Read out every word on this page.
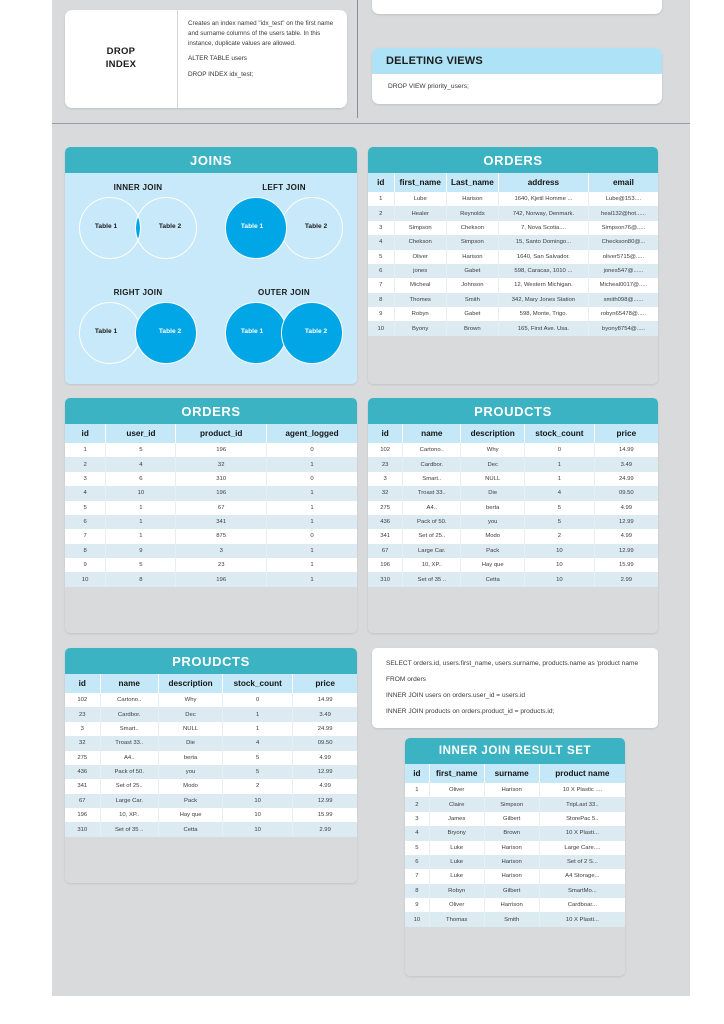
DROP
INDEX
Creates an index named "idx_test" on the first name and surname columns of the users table. In this instance, duplicate values are allowed.
ALTER TABLE users
DROP INDEX idx_test;
DELETING VIEWS
DROP VIEW priority_users;
JOINS
INNER JOIN
Table 1	Table 2
LEFT JOIN
Table 1	Table 2
RIGHT JOIN
Table 1	Table 2
OUTER JOIN
Table 1	Table 2
ORDERS
id	first_name	Last_name	address	email
1	Lube	Harison	1640, Kjetil Homme ...	Lube@153....
2	Healer	Reynolds	742, Norway, Denmark.	heal132@hot......
3	Simpson	Chekson	7, Nova Scotia....	Simpson76@.....
4	Chekson	Simpson	15, Santo Domingo...	Checkson80@...
5	Oliver	Harison	1640, San Salvador.	oliver5715@.....
6	jones	Gabet	598, Caracas, 1010 ...	jones547@......
7	Micheal	Johnson	12, Western Michigan.	Micheal0017@.....
8	Thomes	Smith	342, Mary Jones Station	smith098@......
9	Robyn	Gabet	598, Monte, Trigo.	robyn65478@.....
10	Byony	Brown	165, First Ave. Usa.	byony8754@.....
ORDERS
id	user_id	product_id	agent_logged
1	5	196	0
2	4	32	1
3	6	310	0
4	10	196	1
5	1	67	1
6	1	341	1
7	1	875	0
8	9	3	1
9	5	23	1
10	8	196	1
PROUDCTS
id	name	description	stock_count	price
102	Cartono..	Why	0	14.99
23	Cardbor.	Dec	1	3.49
3	Smart..	NULL	1	24.99
32	Troast 33..	Die	4	09.50
275	A4..	berta	5	4.99
436	Pack of 50.	you	5	12.99
341	Set of 25..	Modo	2	4.99
67	Large Car.	Pack	10	12.99
196	10, XP..	Hay que	10	15.99
310	Set of 35 ..	Cetta	10	2.99
PROUDCTS
id	name	description	stock_count	price
102	Cartono..	Why	0	14.99
23	Cardbor.	Dec	1	3.49
3	Smart..	NULL	1	24.99
32	Troast 33..	Die	4	09.50
275	A4..	berta	5	4.99
436	Pack of 50.	you	5	12.99
341	Set of 25..	Modo	2	4.99
67	Large Car.	Pack	10	12.99
196	10, XP..	Hay que	10	15.99
310	Set of 35 ..	Cetta	10	2.99
SELECT orders.id, users.first_name, users.surname, products.name as 'product name
FROM orders
INNER JOIN users on orders.user_id = users.id
INNER JOIN products on orders.product_id = products.id;
INNER JOIN RESULT SET
id	first_name	surname	product name
1	Oliver	Harison	10 X Plastic ....
2	Claire	Simpson	TripLast 33..
3	James	Gilbert	StorePac 5..
4	Bryony	Brown	10 X Plasti...
5	Luke	Harison	Large Care....
6	Luke	Harison	Set of 2 S...
7	Luke	Harison	A4 Storage...
8	Robyn	Gilbert	SmartMo...
9	Oliver	Harrison	Cardboar...
10	Thomas	Smith	10 X Plasti...
